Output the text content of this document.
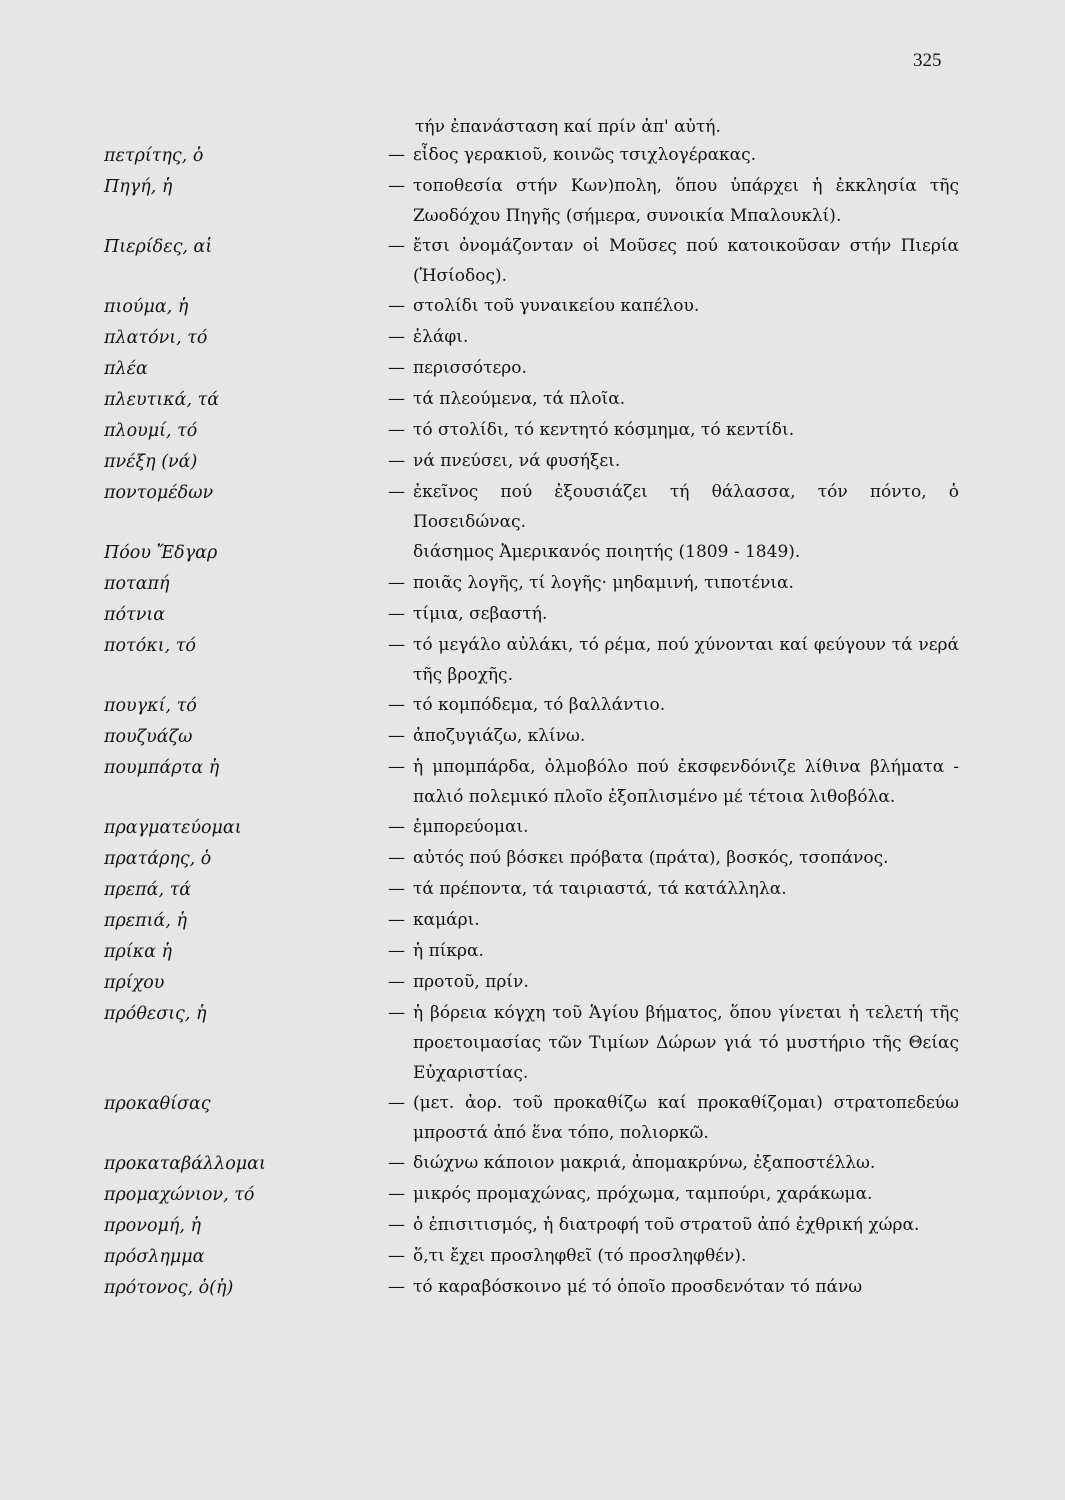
325
τήν ἐπανάσταση καί πρίν ἀπ' αὐτή.
πετρίτης, ὁ	— εἶδος γερακιοῦ, κοινῶς τσιχλογέρακας.
Πηγή, ἡ	— τοποθεσία στήν Κων)πολη, ὅπου ὑπάρχει ἡ ἐκκλησία τῆς Ζωοδόχου Πηγῆς (σήμερα, συνοικία Μπαλουκλί).
Πιερίδες, αἱ	— ἔτσι ὀνομάζονταν οἱ Μοῦσες πού κατοικοῦσαν στήν Πιερία (Ἡσίοδος).
πιούμα, ἡ	— στολίδι τοῦ γυναικείου καπέλου.
πλατόνι, τό	— ἐλάφι.
πλέα	— περισσότερο.
πλευτικά, τά	— τά πλεούμενα, τά πλοῖα.
πλουμί, τό	— τό στολίδι, τό κεντητό κόσμημα, τό κεντίδι.
πνέξη (νά)	— νά πνεύσει, νά φυσήξει.
ποντομέδων	— ἐκεῖνος πού ἐξουσιάζει τή θάλασσα, τόν πόντο, ὁ Ποσειδώνας.
Πόου Ἔδγαρ	διάσημος Ἀμερικανός ποιητής (1809 - 1849).
ποταπή	— ποιᾶς λογῆς, τί λογῆς· μηδαμινή, τιποτένια.
πότνια	— τίμια, σεβαστή.
ποτόκι, τό	— τό μεγάλο αὐλάκι, τό ρέμα, πού χύνονται καί φεύγουν τά νερά τῆς βροχῆς.
πουγκί, τό	— τό κομπόδεμα, τό βαλλάντιο.
πουζυάζω	— ἀποζυγιάζω, κλίνω.
πουμπάρτα ἡ	— ἡ μπομπάρδα, ὀλμοβόλο πού ἐκσφενδόνιζε λίθινα βλήματα - παλιό πολεμικό πλοῖο ἐξοπλισμένο μέ τέτοια λιθοβόλα.
πραγματεύομαι	— ἐμπορεύομαι.
πρατάρης, ὁ	— αὐτός πού βόσκει πρόβατα (πράτα), βοσκός, τσοπάνος.
πρεπά, τά	— τά πρέποντα, τά ταιριαστά, τά κατάλληλα.
πρεπιά, ἡ	— καμάρι.
πρίκα ἡ	— ἡ πίκρα.
πρίχου	— προτοῦ, πρίν.
πρόθεσις, ἡ	— ἡ βόρεια κόγχη τοῦ Ἁγίου βήματος, ὅπου γίνεται ἡ τελετή τῆς προετοιμασίας τῶν Τιμίων Δώρων γιά τό μυστήριο τῆς Θείας Εὐχαριστίας.
προκαθίσας	— (μετ. ἀορ. τοῦ προκαθίζω καί προκαθίζομαι) στρατοπεδεύω μπροστά ἀπό ἕνα τόπο, πολιορκῶ.
προκαταβάλλομαι	— διώχνω κάποιον μακριά, ἀπομακρύνω, ἐξαποστέλλω.
προμαχώνιον, τό	— μικρός προμαχώνας, πρόχωμα, ταμπούρι, χαράκωμα.
προνομή, ἡ	— ὁ ἐπισιτισμός, ἡ διατροφή τοῦ στρατοῦ ἀπό ἐχθρική χώρα.
πρόσλημμα	— ὅ,τι ἔχει προσληφθεῖ (τό προσληφθέν).
πρότονος, ὁ(ἡ)	— τό καραβόσκοινο μέ τό ὁποῖο προσδενόταν τό πάνω
